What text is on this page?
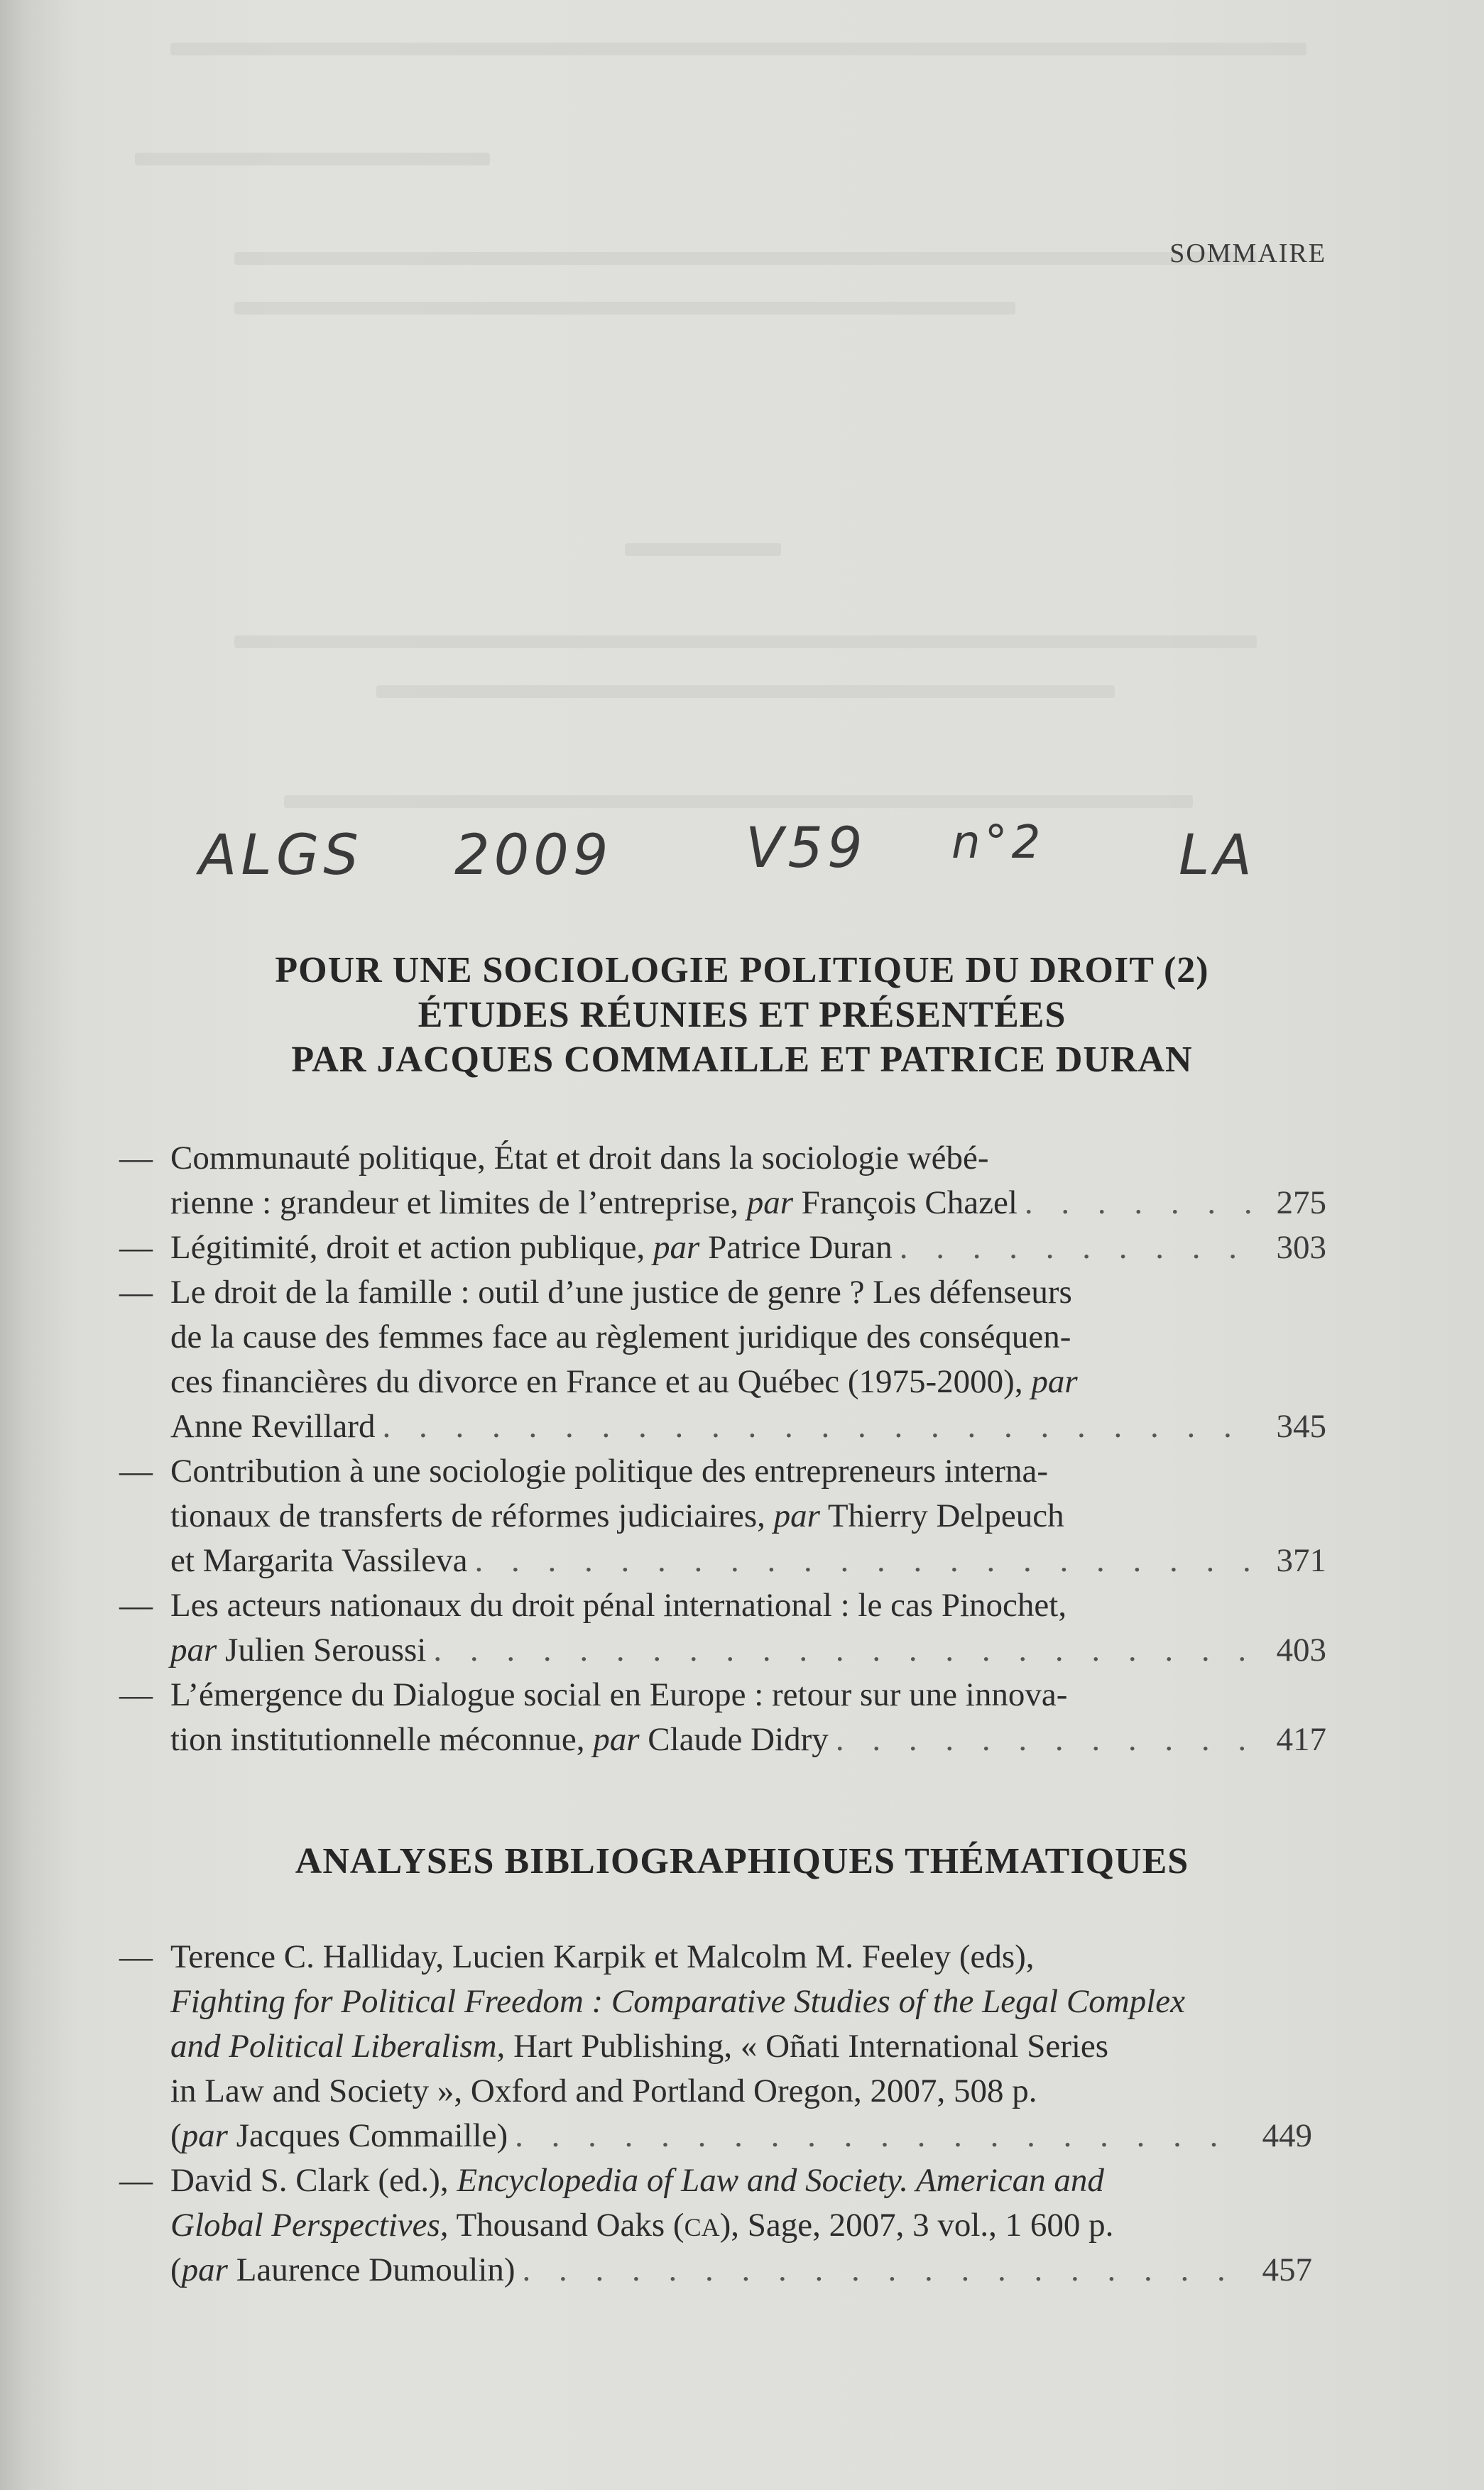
SOMMAIRE
ALGS 2009 V59 n°2 LA
POUR UNE SOCIOLOGIE POLITIQUE DU DROIT (2)
ÉTUDES RÉUNIES ET PRÉSENTÉES
PAR JACQUES COMMAILLE ET PATRICE DURAN
— Communauté politique, État et droit dans la sociologie wébé-
rienne : grandeur et limites de l’entreprise, par François Chazel . . .	275
— Légitimité, droit et action publique, par Patrice Duran . . .	303
— Le droit de la famille : outil d’une justice de genre ? Les défenseurs
de la cause des femmes face au règlement juridique des conséquen-
ces financières du divorce en France et au Québec (1975-2000), par
Anne Revillard . . .	345
— Contribution à une sociologie politique des entrepreneurs interna-
tionaux de transferts de réformes judiciaires, par Thierry Delpeuch
et Margarita Vassileva . . .	371
— Les acteurs nationaux du droit pénal international : le cas Pinochet,
par Julien Seroussi . . .	403
— L’émergence du Dialogue social en Europe : retour sur une innova-
tion institutionnelle méconnue, par Claude Didry . . .	417
ANALYSES BIBLIOGRAPHIQUES THÉMATIQUES
— Terence C. Halliday, Lucien Karpik et Malcolm M. Feeley (eds),
Fighting for Political Freedom : Comparative Studies of the Legal Complex
and Political Liberalism, Hart Publishing, « Oñati International Series
in Law and Society », Oxford and Portland Oregon, 2007, 508 p.
(par Jacques Commaille) . . .	449
— David S. Clark (ed.), Encyclopedia of Law and Society. American and
Global Perspectives, Thousand Oaks (CA), Sage, 2007, 3 vol., 1 600 p.
(par Laurence Dumoulin) . . .	457
